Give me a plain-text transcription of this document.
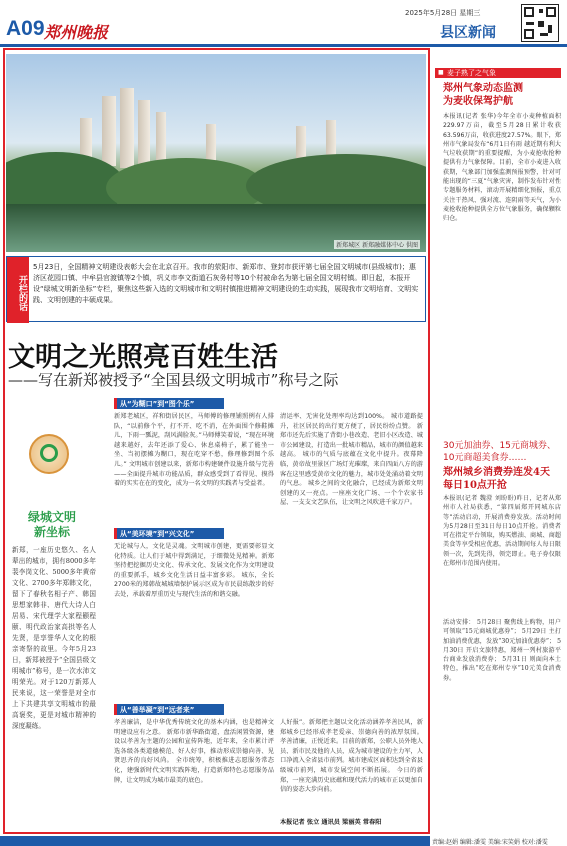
A09 郑州晚报
2025年5月28日 星期三
县区新闻
新郑城区 新郑融媒体中心 供图
开栏的话
5月23日，全国精神文明建设表彰大会在北京召开。我市的荥阳市、新郑市、登封市获评第七届全国文明城市(县级城市)；惠济区花园口镇、中牟县官渡镇等2个镇，巩义市李文街道石灰务村等10个村被命名为第七届全国文明村镇。即日起，本报开设“绿城文明新坐标”专栏，聚焦这些新入选的文明城市和文明村镇推进精神文明建设的生动实践，展现我市文明培育、文明实践、文明创建的丰硕成果。
文明之光照亮百姓生活
——写在新郑被授予“全国县级文明城市”称号之际
绿城文明
新坐标
新郑，一座历史悠久、名人辈出的城市，拥有8000多年裴李岗文化、5000多年黄帝文化、2700多年郑韩文化，留下了春秋名相子产、韩国思想家韩非、唐代大诗人白居易、宋代理学大家程颢程颐、明代政治家高拱等名人先贤，是享誉华人文化的根亲寄祭的故里。今年5月23日，新郑被授予“全国县级文明城市”称号，是一次水沛文明荣光。对于120万新郑人民来说，这一荣誉是对全市上下共建共享文明城市的最高褒奖，更是对城市精神的深度凝练。
从“为糊口”到“图个乐”
新郑老城区，祥和街居民区，马师傅的修理铺照例有人排队，“以前修个平，打不开、吃不消，在外面围个修鞋摊儿，下雨一瓢泥，刮风满脸灰。”马师傅笑着说，“现在环境越来越好，去年还添了爱心、休息桌椅子，累了能坐一坐、当初摆摊为糊口，现在吃穿不愁，修理修到图个乐儿。” 文明城市创建以来，新郑市构建硬件设施升级与完善——全面提升城市功能品质，群众感受到了看得见、摸得着的实实在在的变化，成为一名文明的实践者与受益者。
从“美环境”到“兴文化”
无论城与人，文化是灵魂。文明城市创建，更需要彰显文化特质。让人们于城中得到满足，于细微处见精神。新郑坚持把挖掘历史文化、传承文化、发展文化作为文明建设的重要抓手，城乡文化生活日益丰富多彩。 城东，全长2700米的郑韩故城城墙保护展示区成为市民晨练散步的好去处，承载着厚重历史与现代生活的和谐交融。
从“善举凝”到“远者来”
孝善廉洁，是中华优秀传统文化的基本内涵，也是精神文明建设应有之意。 新郑市新华路街道，盘活闲置资源，建设以孝善为主题的公园和宣传阵地，近年来，全市累计评选各级各类道德模范、好人好事，推动形成崇德向善、见贤思齐的良好风尚。 全市统筹，积极推进志愿服务常态化，建强新时代文明实践阵地，打造新郑特色志愿服务品牌，让文明成为城市最美的底色。
清运率、无害化处理率均达到100%。 城市道路提升，社区居民的出行更方便了，居民纷纷点赞。 新郑市还先后实施了背街小巷改造、老旧小区改造、城市公园建设，打造出一批城市精品，城市的颜值越来越高。 城市的气质与底蕴在文化中提升。夜幕降临，黄帝故里景区广场灯光璀璨，来自四面八方的游客在这里感受黄帝文化的魅力，城市处处涌动着文明的气息。 城乡之间的文化融合，已经成为新郑文明创建的又一亮点。一座座文化广场、一个个农家书屋、一支支文艺队伍，让文明之风吹进千家万户。
人好报”。新郑把主题以文化活动涵养孝善民风，新郑城乡已经形成孝老爱亲、崇德向善的浓厚氛围。 孝善清廉，正悦近来。目前的新郑，公职人员外地人员、新市民及他的人员，成为城市建设的主力军，人口净流入全省县市前列。城市建成区面积达到全省县级城市前列，城市发展空间不断拓展。 今日的新郑，一座充满历史底蕴和现代活力的城市正以更加自信的姿态大步向前。
本报记者 张立 通讯员 梁丽英 常春阳
■ 麦子熟了之气象
郑州气象动态监测
为麦收保驾护航
本报讯(记者 张华)今年全市小麦种植面积229.97万亩，截至5月28日累计收获63.596万亩，收获进度27.57%。眼下，郑州市气象局发布“6月1日有雨 越近期有利大气垃收获期”的重要提醒，为小麦抢收抢种提供有力气象保障。目前，全市小麦进入收获期，气象部门加强监测预报预警，针对可能出现的“三夏”气象灾害，制作发布针对性专题服务材料，滚动开展精细化预报，重点关注干热风、强对流、连阴雨等天气，为小麦抢收抢种提供全方位气象服务，确保颗粒归仓。
30元加油券、15元商城券、
10元商超美食券……
郑州城乡消费券连发4天
每日10点开抢
本报讯(记者 魏澄 刘盼盼)昨日，记者从郑州市人社局获悉，“第四届郑开同城东店等”活动启动，开展消费券发放。活动时间为5月28日至31日每日10点开抢。消费者可在指定平台领取，购买燃油、商城、商超美食等享受相应优惠，活动期间每人每日限领一次，先到先得，领完即止。电子券仅限在郑州市范围内使用。
活动安排： 5月28日 聚焦线上购物，用户可领取“15元商城优惠券”； 5月29日 主打加油消费优惠，发放“30元加油优惠券”； 5月30日 开启文旅特惠，郑州一列村旅游平台商业发放消费券； 5月31日 则面向本土特色，推出“吃在郑州专享”10元美食消费券。
责编:赵娟 编辑:潘雯 美编:宋笑娟 校对:潘雯
